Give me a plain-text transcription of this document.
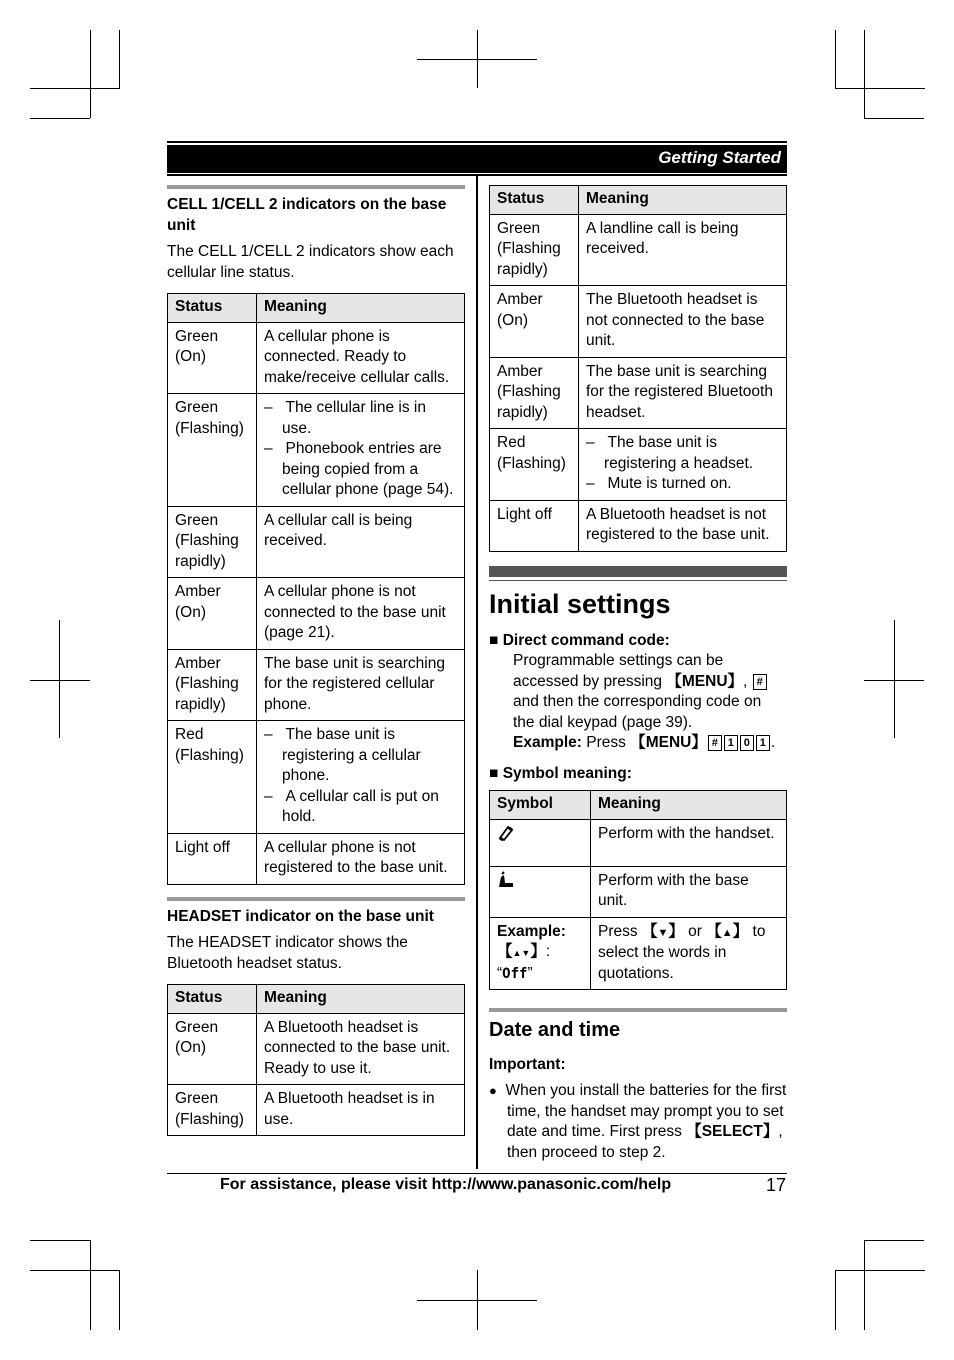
Getting Started
CELL 1/CELL 2 indicators on the base unit

The CELL 1/CELL 2 indicators show each cellular line status.

Status	Meaning
Green (On)	A cellular phone is connected. Ready to make/receive cellular calls.
Green (Flashing)	–   The cellular line is in use.
–   Phonebook entries are being copied from a cellular phone (page 54).

Green (Flashing rapidly)	A cellular call is being received.
Amber (On)	A cellular phone is not connected to the base unit (page 21).
Amber (Flashing rapidly)	The base unit is searching for the registered cellular phone.
Red (Flashing)	–   The base unit is registering a cellular phone.
–   A cellular call is put on hold.

Light off	A cellular phone is not registered to the base unit.
HEADSET indicator on the base unit

The HEADSET indicator shows the Bluetooth headset status.

Status	Meaning
Green (On)	A Bluetooth headset is connected to the base unit. Ready to use it.
Green (Flashing)	A Bluetooth headset is in use.
Status	Meaning
Green (Flashing rapidly)	A landline call is being received.
Amber (On)	The Bluetooth headset is not connected to the base unit.
Amber (Flashing rapidly)	The base unit is searching for the registered Bluetooth headset.
Red (Flashing)	–   The base unit is registering a headset.
–   Mute is turned on.

Light off	A Bluetooth headset is not registered to the base unit.
Initial settings
■ Direct command code:
Programmable settings can be accessed by pressing 【MENU】, # and then the corresponding code on the dial keypad (page 39).
Example: Press 【MENU】 # 1 0 1 .
■ Symbol meaning:
Symbol	Meaning
	Perform with the handset.
	Perform with the base unit.
Example:
【▲▼】: “Off”	Press 【▼】 or 【▲】 to select the words in quotations.
Date and time
Important:
● When you install the batteries for the first time, the handset may prompt you to set date and time. First press 【SELECT】, then proceed to step 2.
For assistance, please visit http://www.panasonic.com/help	17
